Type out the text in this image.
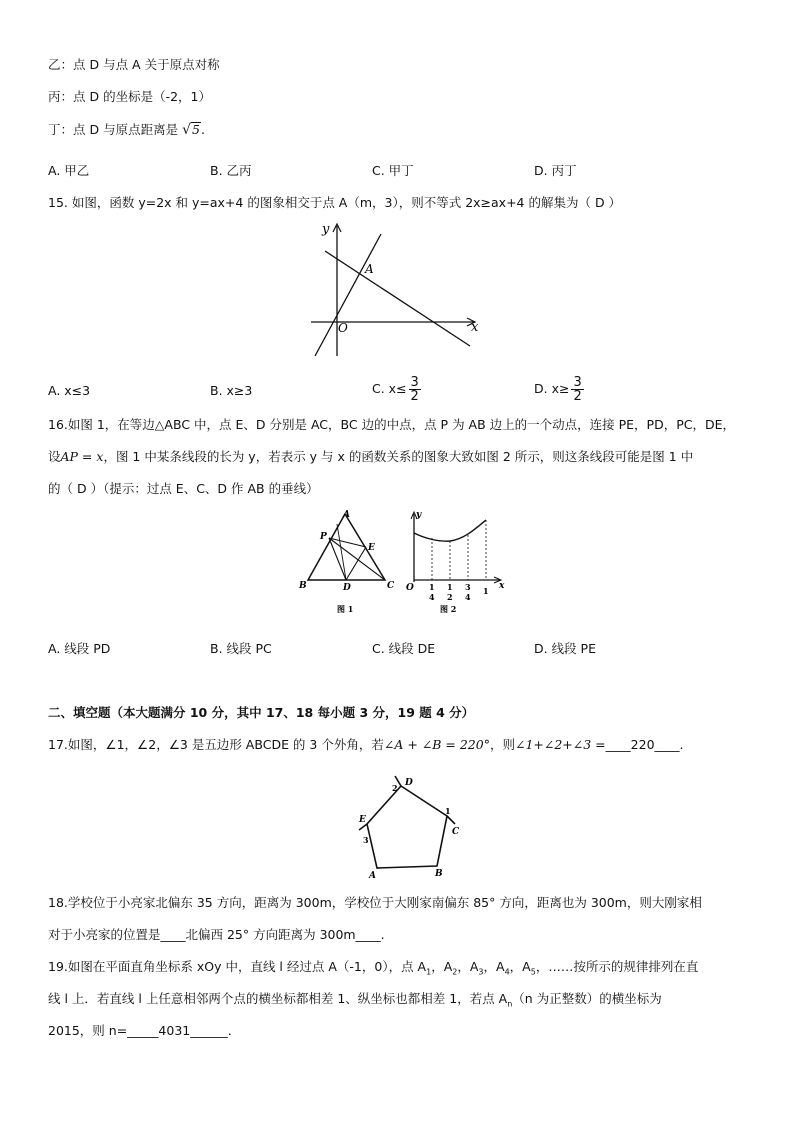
乙：点 D 与点 A 关于原点对称
丙：点 D 的坐标是（-2，1）
丁：点 D 与原点距离是 √5.
A. 甲乙	B. 乙丙	C. 甲丁	D. 丙丁
15. 如图，函数 y=2x 和 y=ax+4 的图象相交于点 A（m，3），则不等式 2x≥ax+4 的解集为（ D ）
y
x
O
A
A. x≤3	B. x≥3	C. $x\le \frac{3}{2}$	D. $x\ge \frac{3}{2}$
16.如图 1，在等边△ABC 中，点 E、D 分别是 AC，BC 边的中点，点 P 为 AB 边上的一个动点，连接 PE，PD，PC，DE，
设AP = x，图 1 中某条线段的长为 y，若表示 y 与 x 的函数关系的图象大致如图 2 所示，则这条线段可能是图 1 中
的（ D ）（提示：过点 E、C、D 作 AB 的垂线）
A
B	C
D
E
P
图 1
y
x
O 1
4
1
2
3
4
1
图 2
A. 线段 PD	B. 线段 PC	C. 线段 DE	D. 线段 PE
二、填空题（本大题满分 10 分，其中 17、18 每小题 3 分，19 题 4 分）
17.如图，∠1，∠2，∠3 是五边形 ABCDE 的 3 个外角，若∠A + ∠B = 220°，则∠1+∠2+∠3 =____220____.
D
C
B
A
E
1
2
3
18.学校位于小亮家北偏东 35 方向，距离为 300m，学校位于大刚家南偏东 85° 方向，距离也为 300m，则大刚家相
对于小亮家的位置是____北偏西 25° 方向距离为 300m____.
19.如图在平面直角坐标系 xOy 中，直线 l 经过点 A（-1，0），点 $A_1$，$A_2$，$A_3$，$A_4$，$A_5$，……按所示的规律排列在直
线 l 上．若直线 l 上任意相邻两个点的横坐标都相差 1、纵坐标也都相差 1，若点 $A_n(n$ 为正整数）的横坐标为
2015，则 n=_____4031______.
